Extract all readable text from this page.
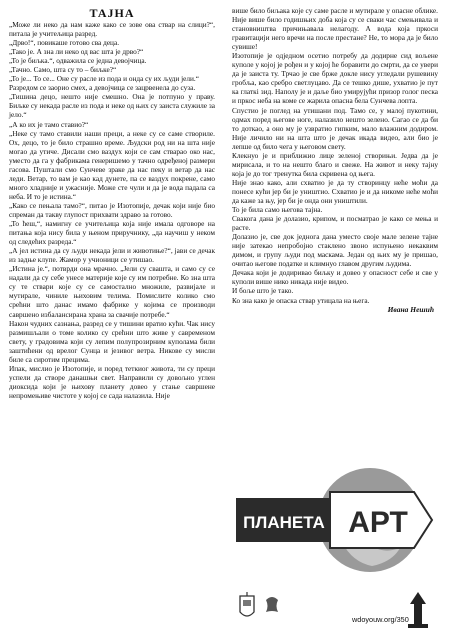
ТАЈНА

„Може ли неко да нам каже како се зове ова ствар на слици?“, питала је учитељица разред.

„Дрво!“, повикаше готово сва деца.

„Тако је. А зна ли неко од вас шта је дрво?“

„То је биљка.“, одважила се једна девојчица.

„Тачно. Само, шта су то – биљке?“

„То је... То се... Оне су расле из пода и онда су их људи јели.“

Разредом се заорио смех, а девојчица се зацрвенела до суза.

„Тишина децо, нешто није смешно. Она је потпуно у праву. Биљке су некада расле из пода и неке од њих су заиста служиле за јело.“

„А ко их је тамо ставио?“

„Неке су тамо ставили наши преци, а неке су се саме створиле. Ох, децо, то је било страшно време. Људски род ни на шта није могао да утиче. Дисали смо ваздух који се сам стварао око нас, уместо да га у фабрикама генеришемо у тачно одређеној размери гасова. Пуштали смо Сунчеве зраке да нас пеку и ветар да нас леди. Ветар, то вам је као кад дунете, па се ваздух покрене, само много хладније и ужасније. Може сте чули и да је вода падала са неба. И то је истина.“

„Како се пењала тамо?“, питао је Изотопије, дечак који није био спреман да такву глупост прихвати здраво за готово.

„То ћеш,“, намигну се учитељица која није имала одговоре на питања која нису била у њеном приручнику, „да научиш у неком од следећих разреда.“

„А јел истина да су људи некада јели и животиње?“, јави се дечак из задње клупе. Жамор у учионици се утишао.

„Истина је.“, потврди она мрачно. „Јели су сваштa, и само су се надали да су себе унесе материје које су им потребне. Ко зна шта су те ствари које су се самостално множиле, развијале и мутирале, чиниле њиховим телима. Помислите колико смо срећни што данас имамо фабрике у којима се производи савршено избалансирана храна за свачије потребе.“

Након чудних сазнања, разред се у тишини вратио кући. Чак нису размишљали о томе колико су срећни што живе у савременом свету, у градовима који су лепим полупрозирним куполама били заштићени од врелог Сунца и језивог ветра. Никове су мисли биле са сиротим прецима.

Ипак, мислио је Изотопије, и поред теткиог живота, ти су преци успели да створе данашњи свет. Направили су довољно углен диоксида који је њихову планету довео у стање савршене непромењиве чистоте у којој се сада налазила. Није

више било биљака које су саме расле и мутирале у опасне облике. Није више било годишњих доба која су се сваки час смењивала и становништва причињавала нелагоду. А вода која пркоси гравитацији него вречи на после престане? Не, то мора да је било сувише!

Изотопије је одједном осетио потребу да додирне сид вољене куполе у којој је рођен и у којој ће боравити до смрти, да се увери да је заиста ту. Трчао је све брже докле нису угледали рушевину гробља, као сребро светлуцаво. Да се тешко дише, ухватио је пут ка глаткi зид. Наполу је и даље био умирујући призор голог песка и пркос неба на коме се жарила опасна бела Сунчева лопта.

Спустио је поглед на утишани под. Тамо се, у малој пукотини, одмах поред његове ноге, налазило нешто зелено. Сагао се да би то доткао, а оно му је узвратио гипким, мало влажним додиром. Није личило ни на шта што је дечак икада видео, али био је лепше од било чега у његовом свету.

Клекнуо је и приближио лице зеленој створињи. Једва да је мирисала, и то на нешто благо и свеже. На живот и неку тајну која је до тог тренутка била скривена од њега.

Није знао како, али схватио је да ту створинцу неће моћи да понесе кући јер би је уништио. Схватио је и да никоме неће моћи да каже за њу, јер би је онда они уништили.

То је била само његова тајна.

Свакога дана је долазио, крипом, и посматрао је како се мења и расте.

Долазио је, све док једнога дана уместо своје мале зелене тајне није затекао непробојно стаклено звоно испуњено некаквим димом, и групу људи под маскама. Један од њих му је пришао, очитао његове податке и климнуо главом другим људима.

Дечака који је додиривао биљку и довео у опасност себе и све у куполи више нико никада није видео.

И боље што је тако.

Ко зна како је опаска ствар утицала на њега.

Ивана Нешић

ПЛАНЕТА АРТ
wdoyouw.org/350
